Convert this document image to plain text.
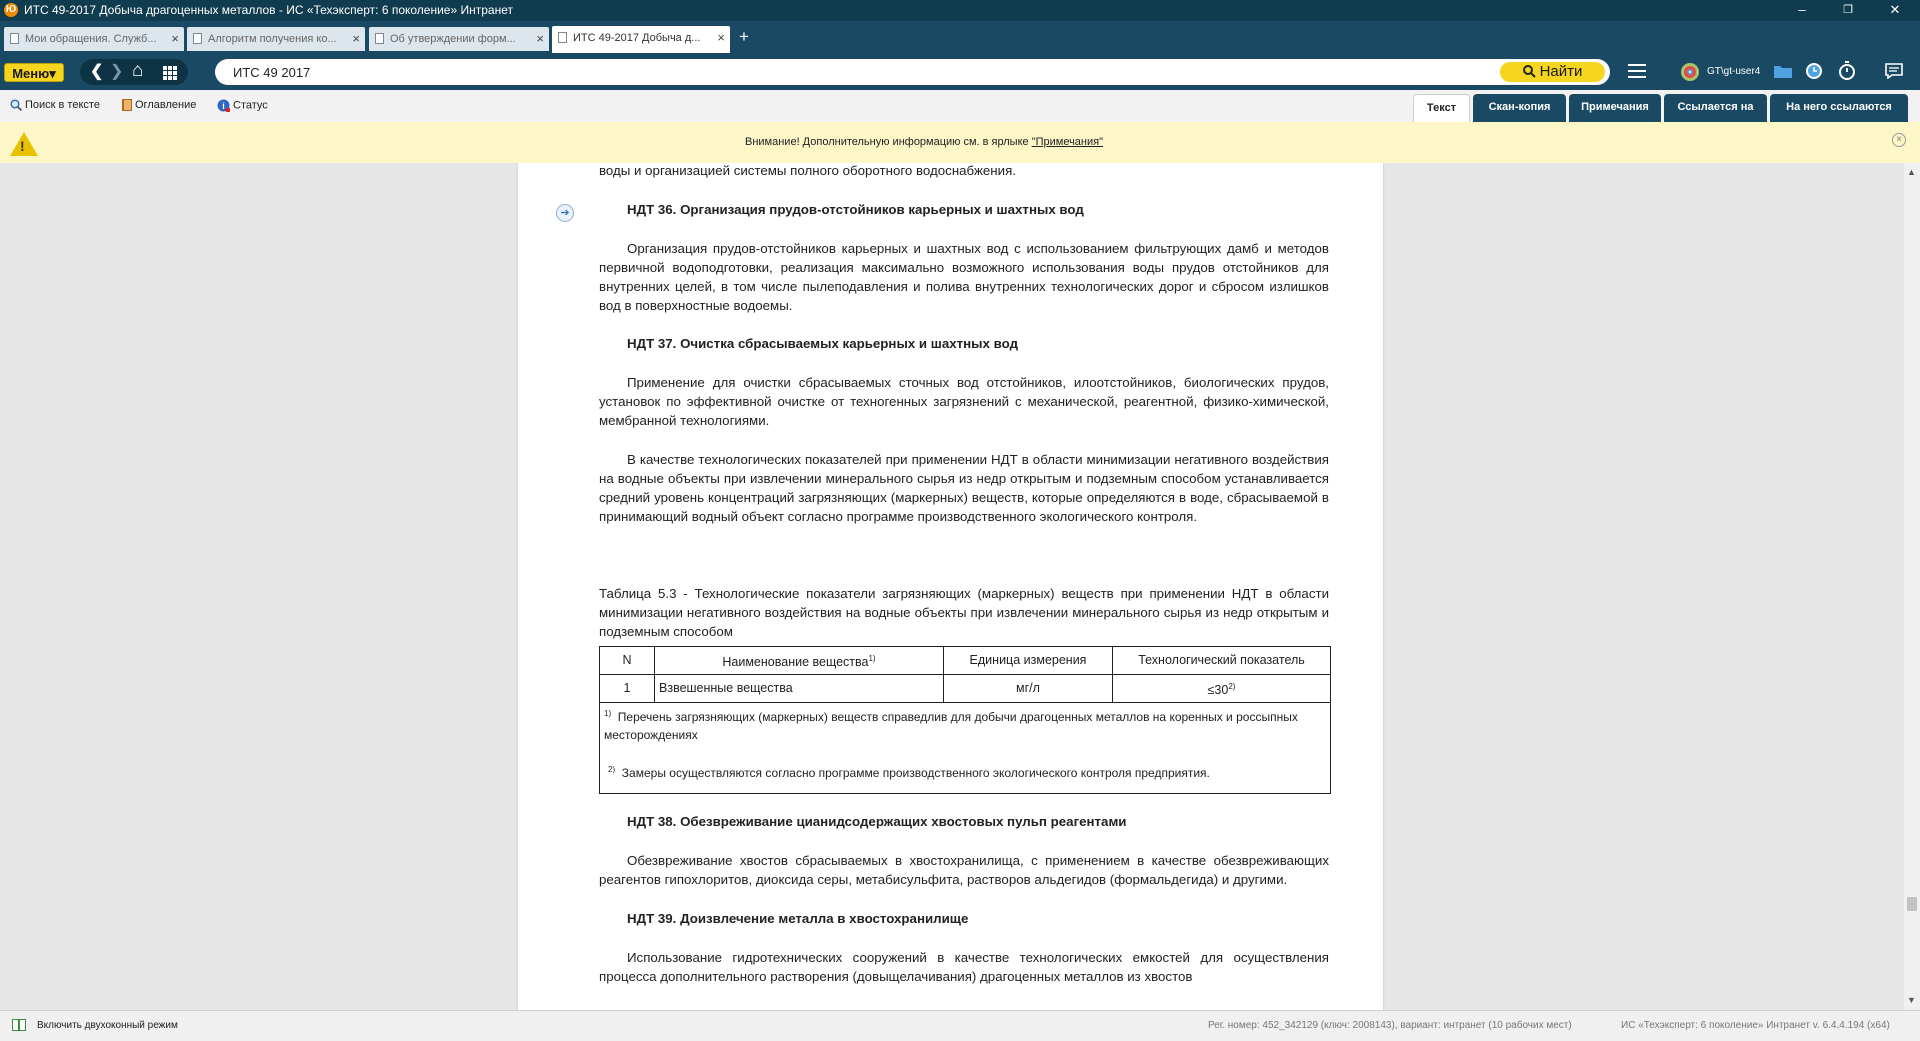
Ю ИТС 49-2017 Добыча драгоценных металлов - ИС «Техэксперт: 6 поколение» Интранет	–	❐	✕
Мои обращения. Служб... ×	Алгоритм получения ко...	×	Об утверждении форм...	×	ИТС 49-2017 Добыча д...	× +
Меню▾	❮ ❯ ⌂
ИТС 49 2017	Найти	GT\gt-user4
Поиск в тексте	Оглавление	i Статус	Текст	Скан-копия	Примечания	Ссылается на	На него ссылаются
!	Внимание! Дополнительную информацию см. в ярлыке "Примечания"	×
➔

воды и организацией системы полного оборотного водоснабжения.

НДТ 36. Организация прудов-отстойников карьерных и шахтных вод

Организация прудов-отстойников карьерных и шахтных вод с использованием фильтрующих дамб и методов первичной водоподготовки, реализация максимально возможного использования воды прудов отстойников для внутренних целей, в том числе пылеподавления и полива внутренних технологических дорог и сбросом излишков вод в поверхностные водоемы.

НДТ 37. Очистка сбрасываемых карьерных и шахтных вод

Применение для очистки сбрасываемых сточных вод отстойников, илоотстойников, биологических прудов, установок по эффективной очистке от техногенных загрязнений с механической, реагентной, физико-химической, мембранной технологиями.

В качестве технологических показателей при применении НДТ в области минимизации негативного воздействия на водные объекты при извлечении минерального сырья из недр открытым и подземным способом устанавливается средний уровень концентраций загрязняющих (маркерных) веществ, которые определяются в воде, сбрасываемой в принимающий водный объект согласно программе производственного экологического контроля.

Таблица 5.3 - Технологические показатели загрязняющих (маркерных) веществ при применении НДТ в области минимизации негативного воздействия на водные объекты при извлечении минерального сырья из недр открытым и подземным способом

N	Наименование вещества$^{1)}$	Единица измерения	Технологический показатель
1	Взвешенные вещества	мг/л	$\le 30^{2)}$

$^{1)}$ Перечень загрязняющих (маркерных) веществ справедлив для добычи драгоценных металлов на коренных и россыпных месторождениях
$^{2)}$ Замеры осуществляются согласно программе производственного экологического контроля предприятия.			
НДТ 38. Обезвреживание цианидсодержащих хвостовых пульп реагентами

Обезвреживание хвостов сбрасываемых в хвостохранилища, с применением в качестве обезвреживающих реагентов гипохлоритов, диоксида серы, метабисульфита, растворов альдегидов (формальдегида) и другими.

НДТ 39. Доизвлечение металла в хвостохранилище

Использование гидротехнических сооружений в качестве технологических емкостей для осуществления процесса дополнительного растворения (довыщелачивания) драгоценных металлов из хвостов

▲
▼
Включить двухоконный режим	Рег. номер: 452_342129 (ключ: 2008143), вариант: интранет (10 рабочих мест)	ИС «Техэксперт: 6 поколение» Интранет v. 6.4.4.194 (x64)
